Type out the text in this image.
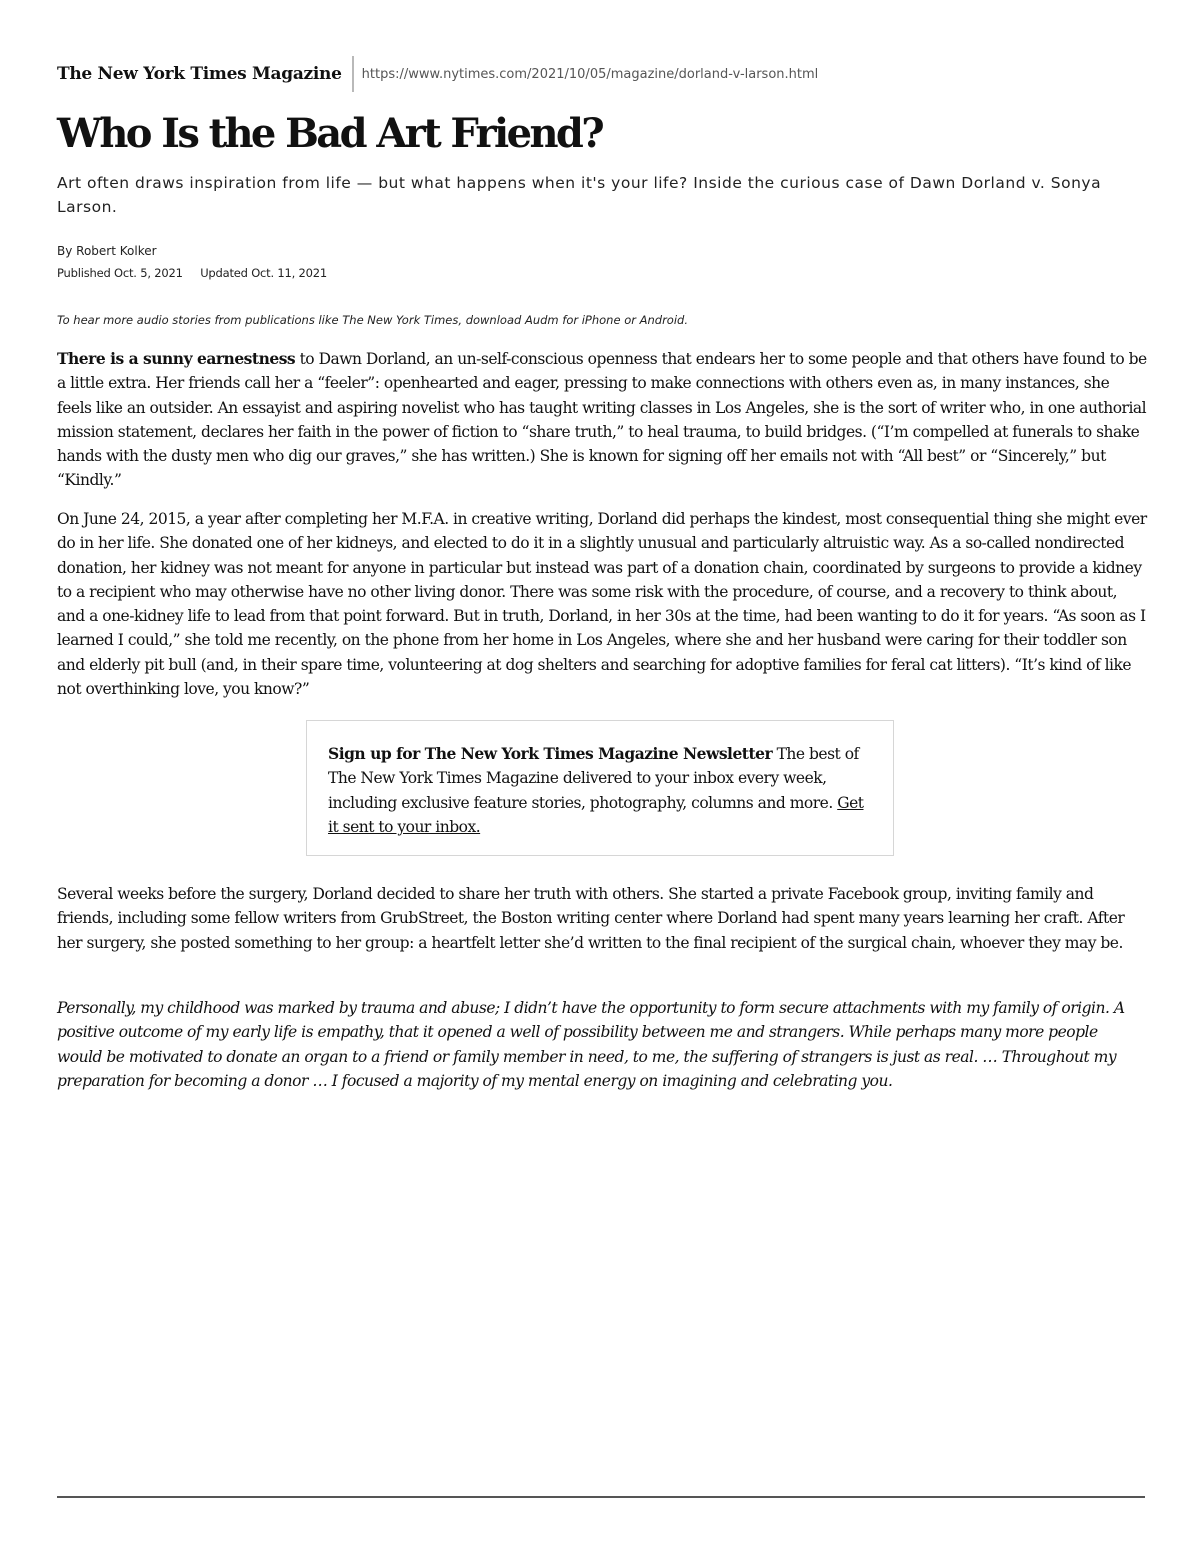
The New York Times Magazine https://www.nytimes.com/2021/10/05/magazine/dorland-v-larson.html
Who Is the Bad Art Friend?

Art often draws inspiration from life — but what happens when it's your life? Inside the curious case of Dawn Dorland v. Sonya Larson.

By Robert Kolker
Published Oct. 5, 2021 Updated Oct. 11, 2021
To hear more audio stories from publications like The New York Times, download Audm for iPhone or Android.

There is a sunny earnestness to Dawn Dorland, an un-self-conscious openness that endears her to some people and that others have found to be a little extra. Her friends call her a “feeler”: openhearted and eager, pressing to make connections with others even as, in many instances, she feels like an outsider. An essayist and aspiring novelist who has taught writing classes in Los Angeles, she is the sort of writer who, in one authorial mission statement, declares her faith in the power of fiction to “share truth,” to heal trauma, to build bridges. (“I’m compelled at funerals to shake hands with the dusty men who dig our graves,” she has written.) She is known for signing off her emails not with “All best” or “Sincerely,” but “Kindly.”

On June 24, 2015, a year after completing her M.F.A. in creative writing, Dorland did perhaps the kindest, most consequential thing she might ever do in her life. She donated one of her kidneys, and elected to do it in a slightly unusual and particularly altruistic way. As a so-called nondirected donation, her kidney was not meant for anyone in particular but instead was part of a donation chain, coordinated by surgeons to provide a kidney to a recipient who may otherwise have no other living donor. There was some risk with the procedure, of course, and a recovery to think about, and a one-kidney life to lead from that point forward. But in truth, Dorland, in her 30s at the time, had been wanting to do it for years. “As soon as I learned I could,” she told me recently, on the phone from her home in Los Angeles, where she and her husband were caring for their toddler son and elderly pit bull (and, in their spare time, volunteering at dog shelters and searching for adoptive families for feral cat litters). “It’s kind of like not overthinking love, you know?”

Sign up for The New York Times Magazine Newsletter The best of The New York Times Magazine delivered to your inbox every week, including exclusive feature stories, photography, columns and more. Get it sent to your inbox.

Several weeks before the surgery, Dorland decided to share her truth with others. She started a private Facebook group, inviting family and friends, including some fellow writers from GrubStreet, the Boston writing center where Dorland had spent many years learning her craft. After her surgery, she posted something to her group: a heartfelt letter she’d written to the final recipient of the surgical chain, whoever they may be.

Personally, my childhood was marked by trauma and abuse; I didn’t have the opportunity to form secure attachments with my family of origin. A positive outcome of my early life is empathy, that it opened a well of possibility between me and strangers. While perhaps many more people would be motivated to donate an organ to a friend or family member in need, to me, the suffering of strangers is just as real. … Throughout my preparation for becoming a donor … I focused a majority of my mental energy on imagining and celebrating you.
